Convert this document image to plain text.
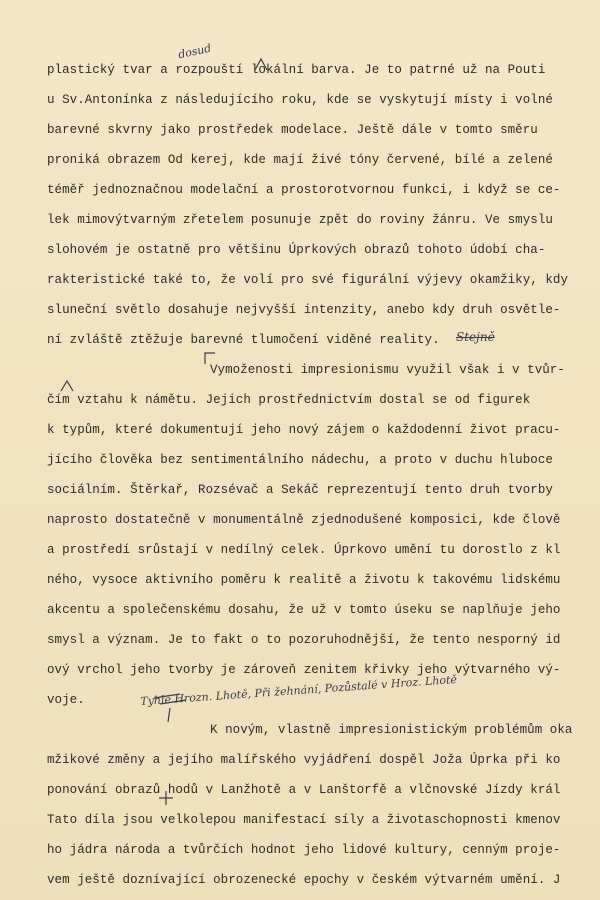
plastický tvar a rozpouští lokální barva. Je to patrné už na Pouti
u Sv.Antonínka z následujícího roku, kde se vyskytují místy i volné
barevné skvrny jako prostředek modelace. Ještě dále v tomto směru
proniká obrazem Od kerej, kde mají živé tóny červené, bílé a zelené
téměř jednoznačnou modelační a prostorotvornou funkci, i když se ce-
lek mimovýtvarným zřetelem posunuje zpět do roviny žánru. Ve smyslu
slohovém je ostatně pro většinu Úprkových obrazů tohoto údobí cha-
rakteristické také to, že volí pro své figurální výjevy okamžiky, kdy
sluneční světlo dosahuje nejvyšší intenzity, anebo kdy druh osvětle-
ní zvláště ztěžuje barevné tlumočení viděné reality.
Vymoženosti impresionismu využil však i v tvůr-
čím vztahu k námětu. Jejich prostřednictvím dostal se od figurek
k typům, které dokumentují jeho nový zájem o každodenní život pracu-
jícího člověka bez sentimentálního nádechu, a proto v duchu hluboce
sociálním. Štěrkař, Rozsévač a Sekáč reprezentují tento druh tvorby
naprosto dostatečně v monumentálně zjednodušené komposici, kde člově
a prostředí srůstají v nedílný celek. Úprkovo umění tu dorostlo z kl
ného, vysoce aktivního poměru k realitě a životu k takovému lidskému
akcentu a společenskému dosahu, že už v tomto úseku se naplňuje jeho
smysl a význam. Je to fakt o to pozoruhodnější, že tento nesporný id
ový vrchol jeho tvorby je zároveň zenitem křivky jeho výtvarného vý-
voje.
K novým, vlastně impresionistickým problémům oka
mžikové změny a jejího malířského vyjádření dospěl Joža Úprka při ko
ponování obrazů hodů v Lanžhotě a v Lanštorfě a vlčnovské Jízdy král
Tato díla jsou velkolepou manifestací síly a životaschopnosti kmenov
ho jádra národa a tvůrčích hodnot jeho lidové kultury, cenným proje-
vem ještě doznívající obrozenecké epochy v českém výtvarném umění. J
dosud
Stejně
Tyhle Hrozn. Lhotě, Při žehnání, Pozůstalé v Hroz. Lhotě
